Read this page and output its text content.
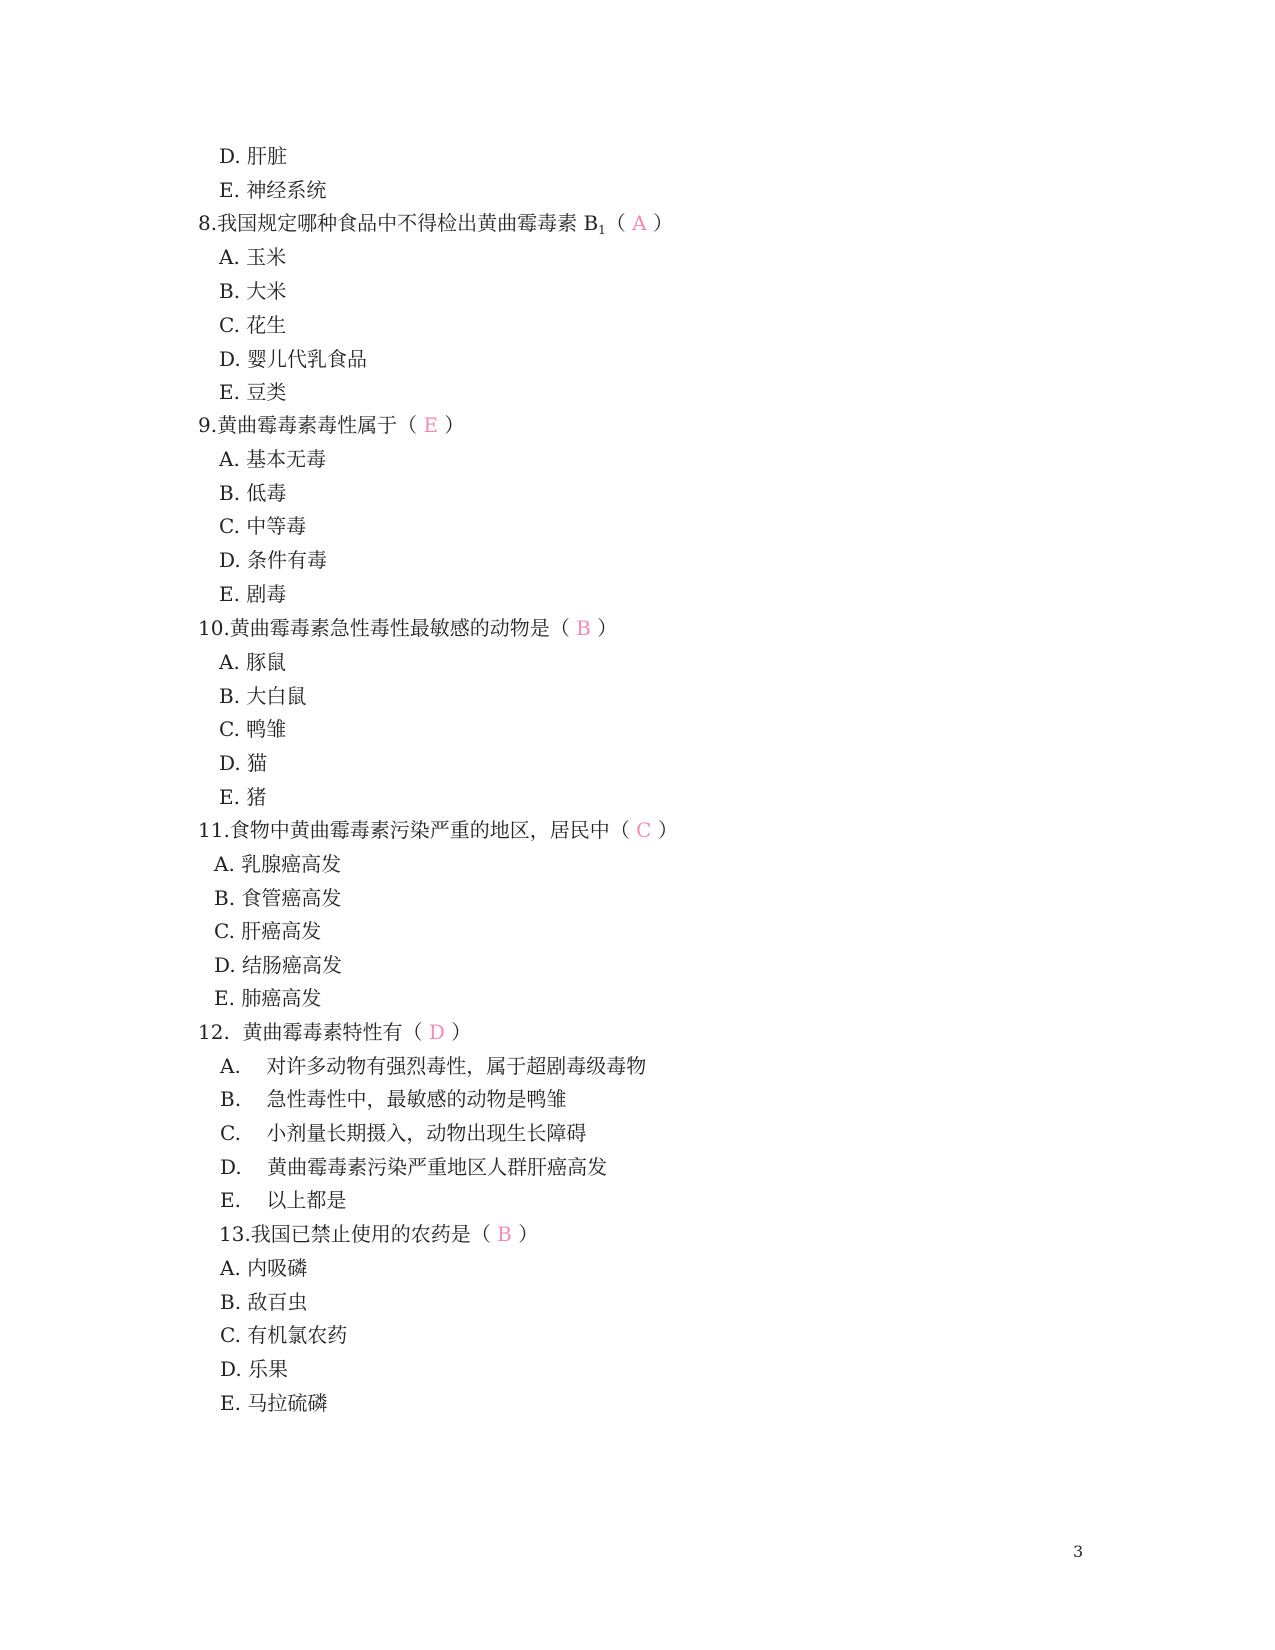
D. 肝脏
E. 神经系统
8.我国规定哪种食品中不得检出黄曲霉毒素 $B_1$（ A ）
A. 玉米
B. 大米
C. 花生
D. 婴儿代乳食品
E. 豆类
9.黄曲霉毒素毒性属于（ E ）
A. 基本无毒
B. 低毒
C. 中等毒
D. 条件有毒
E. 剧毒
10.黄曲霉毒素急性毒性最敏感的动物是（ B ）
A. 豚鼠
B. 大白鼠
C. 鸭雏
D. 猫
E. 猪
11.食物中黄曲霉毒素污染严重的地区，居民中（ C ）
A. 乳腺癌高发
B. 食管癌高发
C. 肝癌高发
D. 结肠癌高发
E. 肺癌高发
12.  黄曲霉毒素特性有（ D ）
A.    对许多动物有强烈毒性，属于超剧毒级毒物
B.    急性毒性中，最敏感的动物是鸭雏
C.    小剂量长期摄入，动物出现生长障碍
D.    黄曲霉毒素污染严重地区人群肝癌高发
E.    以上都是
13.我国已禁止使用的农药是（ B ）
A. 内吸磷
B. 敌百虫
C. 有机氯农药
D. 乐果
E. 马拉硫磷
3
